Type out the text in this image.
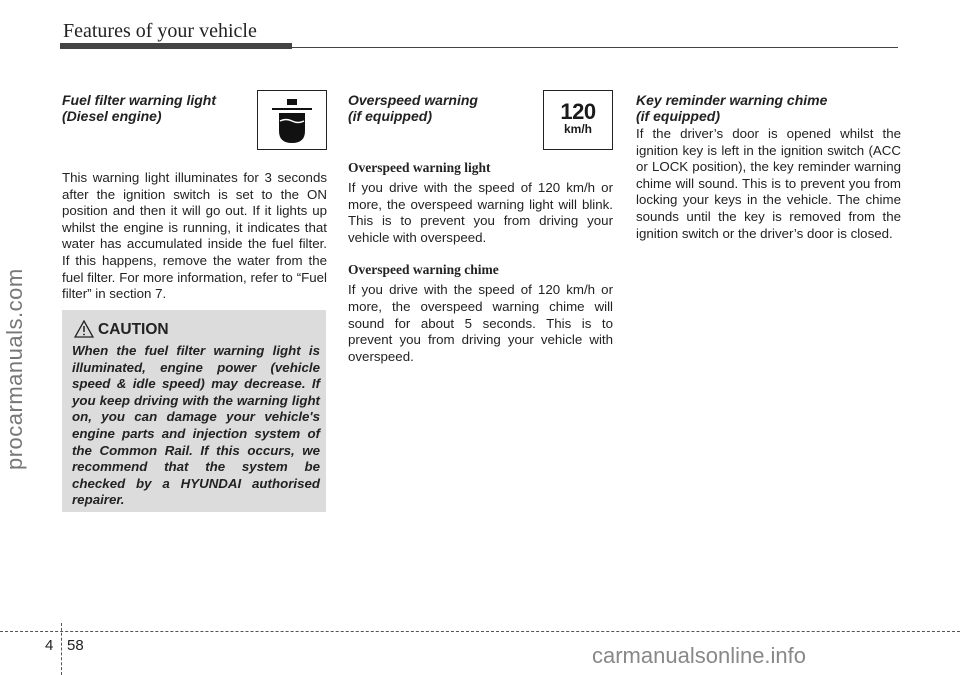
Features of your vehicle
Fuel filter warning light
(Diesel engine)

This warning light illuminates for 3 seconds after the ignition switch is set to the ON position and then it will go out. If it lights up whilst the engine is running, it indicates that water has accumulated inside the fuel filter. If this happens, remove the water from the fuel filter. For more information, refer to “Fuel filter” in section 7.

CAUTION

When the fuel filter warning light is illuminated, engine power (vehicle speed & idle speed) may decrease. If you keep driving with the warning light on, you can damage your vehicle's engine parts and injection system of the Common Rail. If this occurs, we recommend that the system be checked by a HYUNDAI authorised repairer.

Overspeed warning
(if equipped)
Overspeed warning light

If you drive with the speed of 120 km/h or more, the overspeed warning light will blink. This is to prevent you from driving your vehicle with overspeed.

Overspeed warning chime

If you drive with the speed of 120 km/h or more, the overspeed warning chime will sound for about 5 seconds. This is to prevent you from driving your vehicle with overspeed.

120
km/h
Key reminder warning chime
(if equipped)

If the driver’s door is opened whilst the ignition key is left in the ignition switch (ACC or LOCK position), the key reminder warning chime will sound. This is to prevent you from locking your keys in the vehicle. The chime sounds until the key is removed from the ignition switch or the driver’s door is closed.

4 58
procarmanuals.com
carmanualsonline.info
